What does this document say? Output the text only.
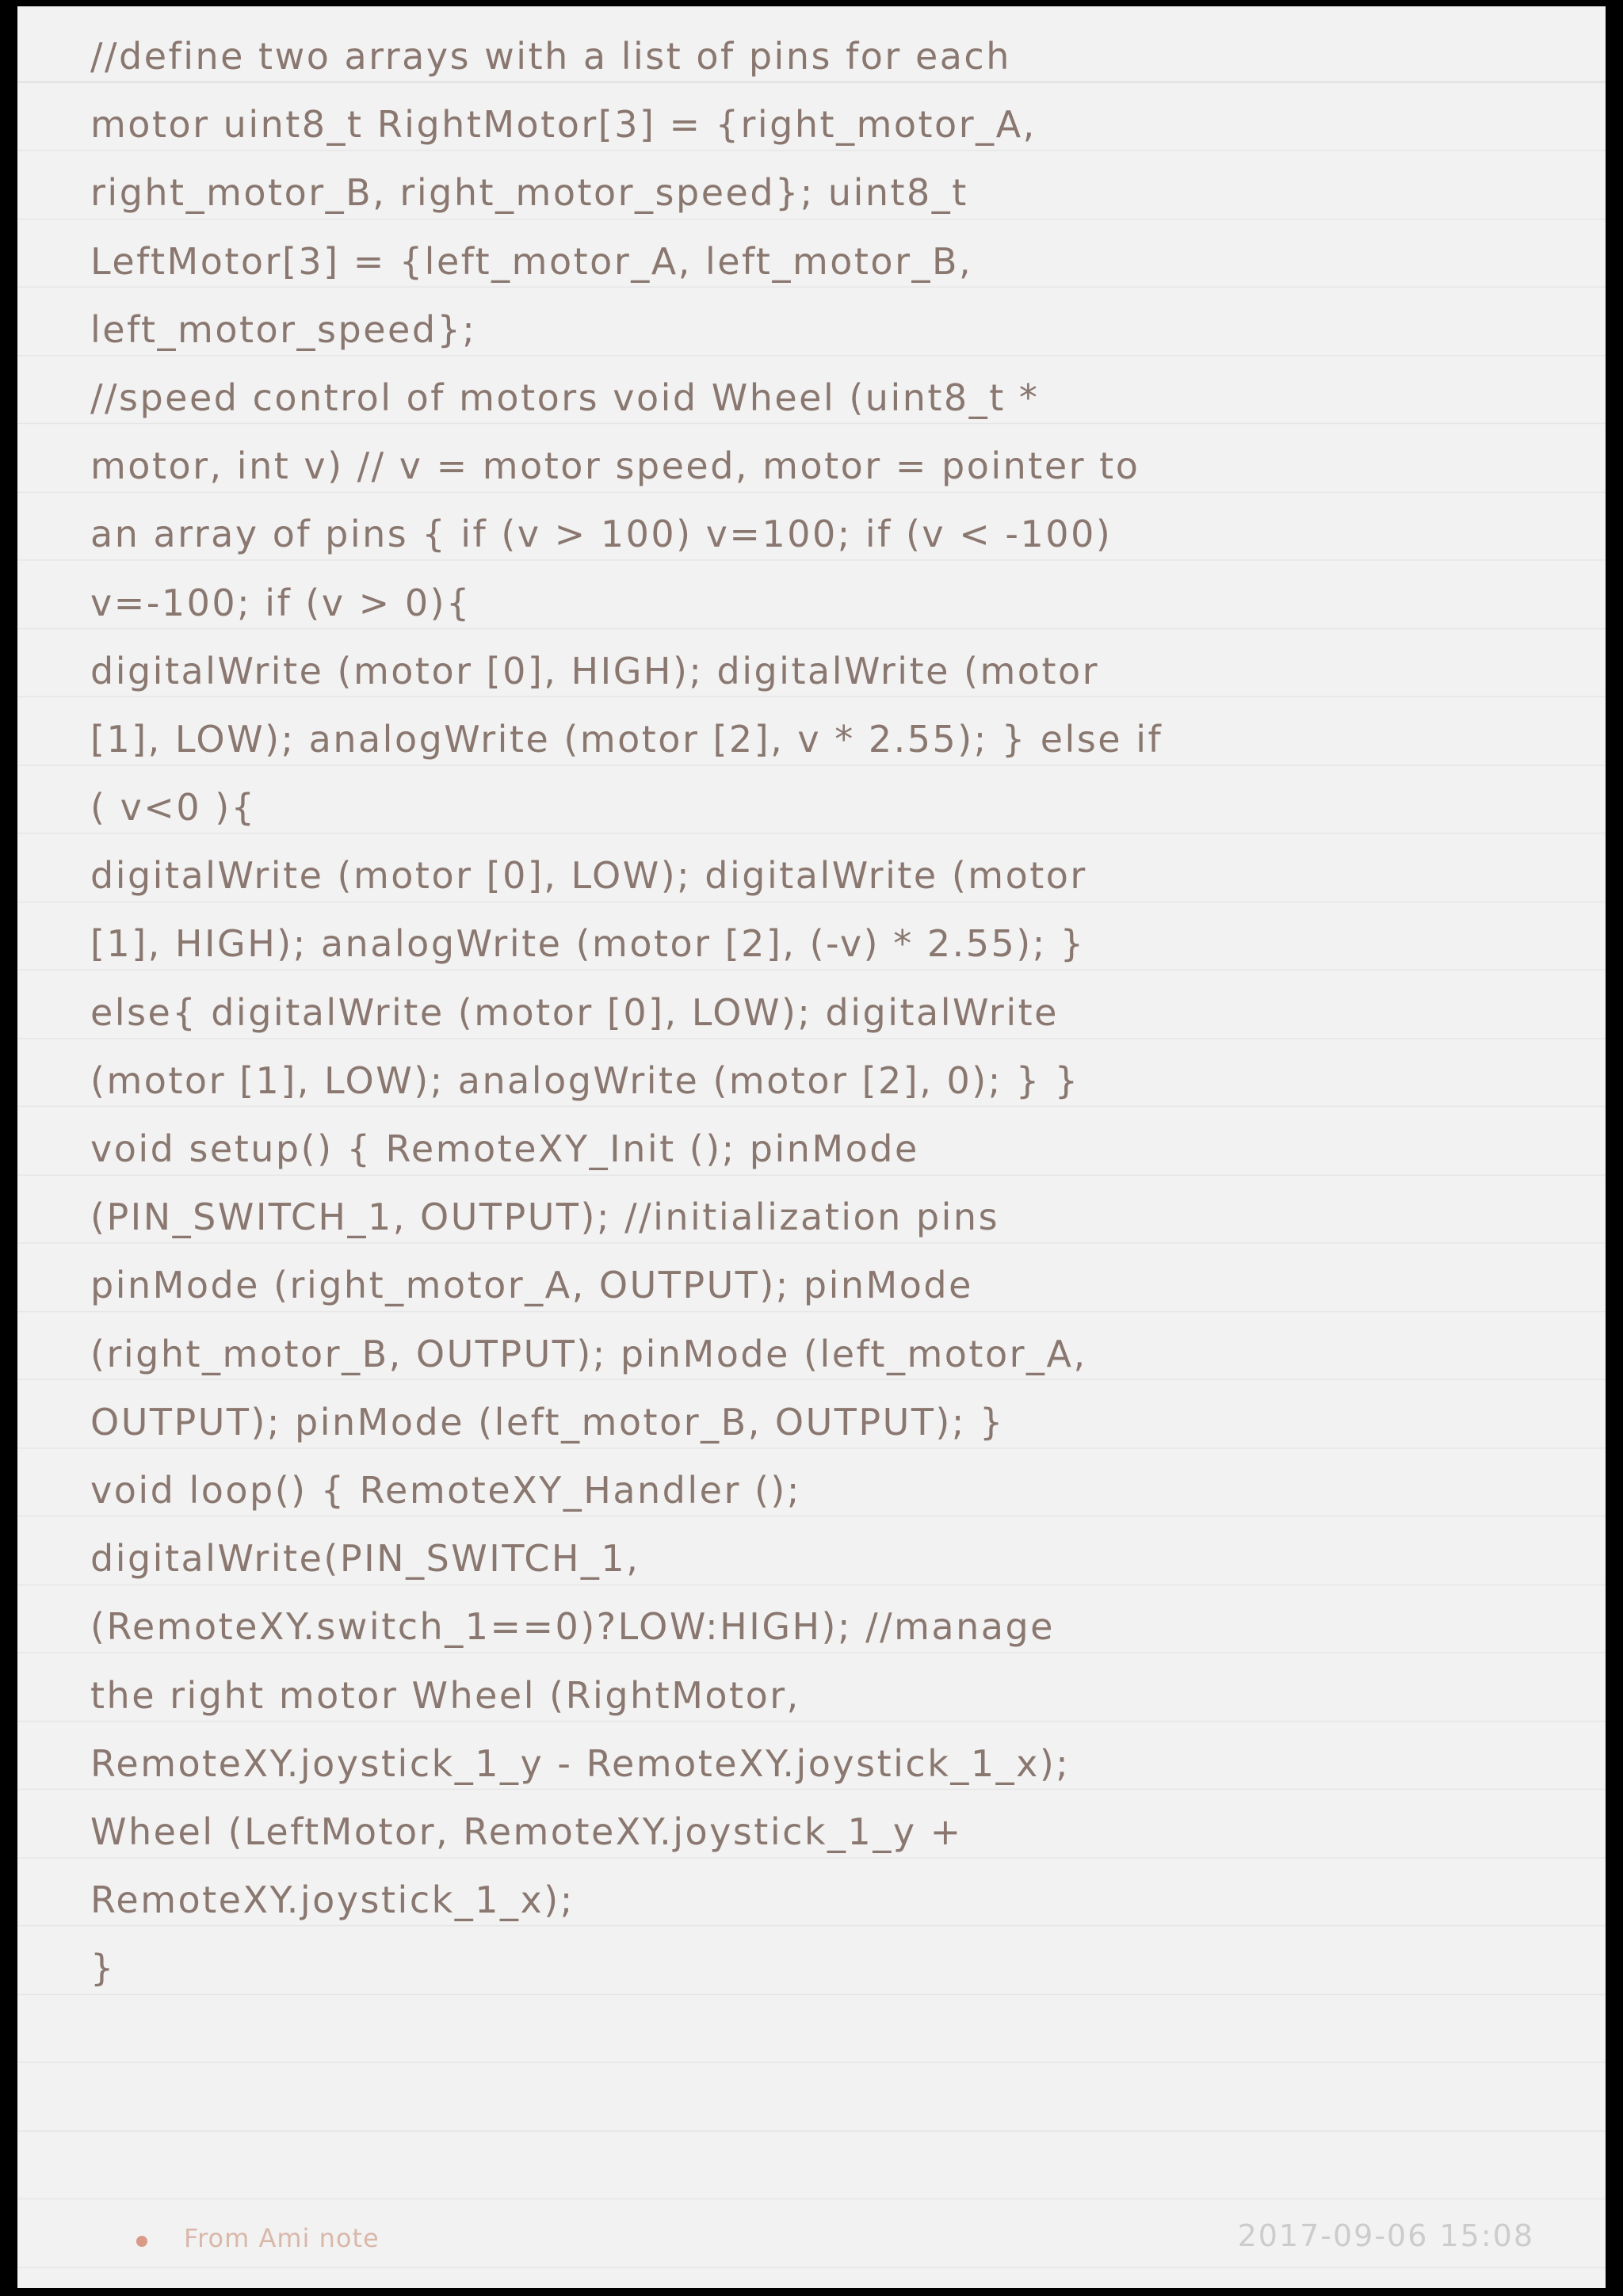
//define two arrays with a list of pins for each
motor uint8_t RightMotor[3] = {right_motor_A,
right_motor_B, right_motor_speed}; uint8_t
LeftMotor[3] = {left_motor_A, left_motor_B,
left_motor_speed};
//speed control of motors void Wheel (uint8_t *
motor, int v) // v = motor speed, motor = pointer to
an array of pins { if (v > 100) v=100; if (v < -100)
v=-100; if (v > 0){
digitalWrite (motor [0], HIGH); digitalWrite (motor
[1], LOW); analogWrite (motor [2], v * 2.55); } else if
( v<0 ){
digitalWrite (motor [0], LOW); digitalWrite (motor
[1], HIGH); analogWrite (motor [2], (-v) * 2.55); }
else{ digitalWrite (motor [0], LOW); digitalWrite
(motor [1], LOW); analogWrite (motor [2], 0); } }
void setup() { RemoteXY_Init (); pinMode
(PIN_SWITCH_1, OUTPUT); //initialization pins
pinMode (right_motor_A, OUTPUT); pinMode
(right_motor_B, OUTPUT); pinMode (left_motor_A,
OUTPUT); pinMode (left_motor_B, OUTPUT); }
void loop() { RemoteXY_Handler ();
digitalWrite(PIN_SWITCH_1,
(RemoteXY.switch_1==0)?LOW:HIGH); //manage
the right motor Wheel (RightMotor,
RemoteXY.joystick_1_y - RemoteXY.joystick_1_x);
Wheel (LeftMotor, RemoteXY.joystick_1_y +
RemoteXY.joystick_1_x);
}
From Ami note	2017-09-06 15:08
